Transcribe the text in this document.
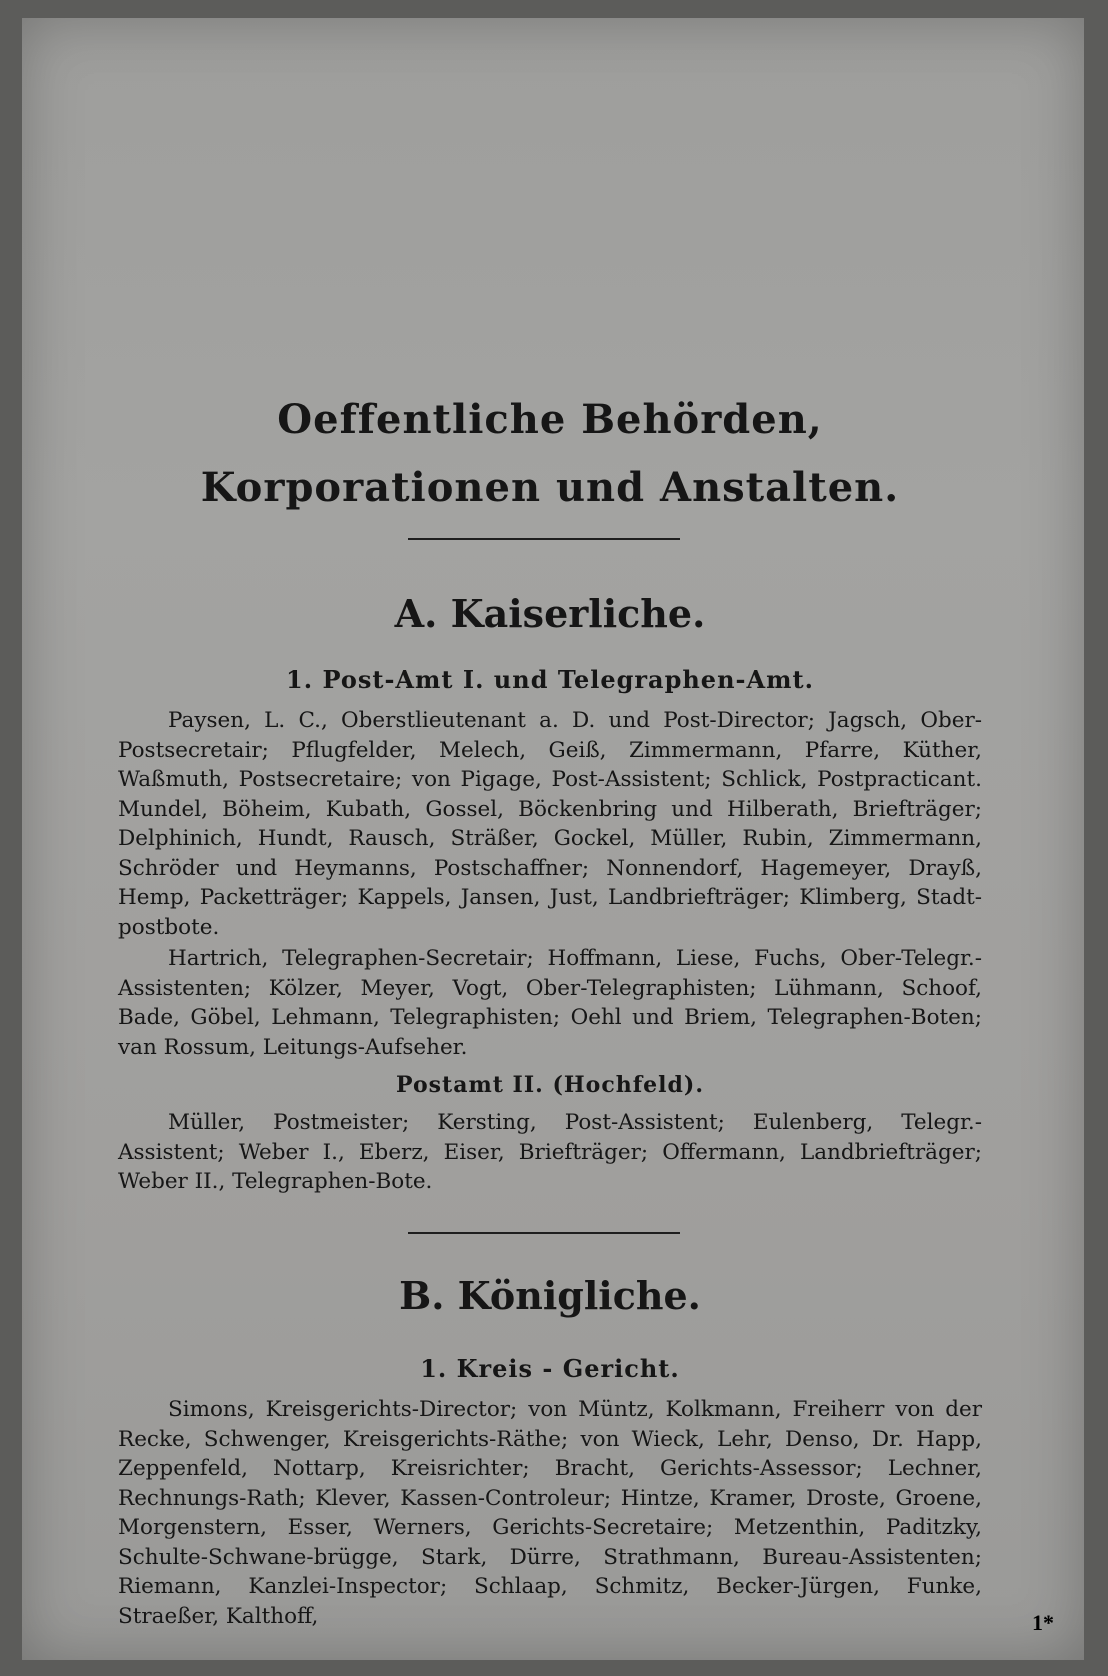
Oeffentliche Behörden, Korporationen und Anstalten.
A. Kaiserliche.
1. Post-Amt I. und Telegraphen-Amt.

Paysen, L. C., Oberstlieutenant a. D. und Post-Director; Jagsch, Ober-Postsecretair; Pflugfelder, Melech, Geiß, Zimmermann, Pfarre, Küther, Waßmuth, Postsecretaire; von Pigage, Post-Assistent; Schlick, Postpracticant. Mundel, Böheim, Kubath, Gossel, Böckenbring und Hilberath, Briefträger; Delphinich, Hundt, Rausch, Sträßer, Gockel, Müller, Rubin, Zimmermann, Schröder und Heymanns, Postschaffner; Nonnendorf, Hagemeyer, Drayß, Hemp, Packetträger; Kappels, Jansen, Just, Landbriefträger; Klimberg, Stadt-postbote.

Hartrich, Telegraphen-Secretair; Hoffmann, Liese, Fuchs, Ober-Telegr.-Assistenten; Kölzer, Meyer, Vogt, Ober-Telegraphisten; Lühmann, Schoof, Bade, Göbel, Lehmann, Telegraphisten; Oehl und Briem, Telegraphen-Boten; van Rossum, Leitungs-Aufseher.

Postamt II. (Hochfeld).

Müller, Postmeister; Kersting, Post-Assistent; Eulenberg, Telegr.-Assistent; Weber I., Eberz, Eiser, Briefträger; Offermann, Landbriefträger; Weber II., Telegraphen-Bote.

B. Königliche.
1. Kreis - Gericht.

Simons, Kreisgerichts-Director; von Müntz, Kolkmann, Freiherr von der Recke, Schwenger, Kreisgerichts-Räthe; von Wieck, Lehr, Denso, Dr. Happ, Zeppenfeld, Nottarp, Kreisrichter; Bracht, Gerichts-Assessor; Lechner, Rechnungs-Rath; Klever, Kassen-Controleur; Hintze, Kramer, Droste, Groene, Morgenstern, Esser, Werners, Gerichts-Secretaire; Metzenthin, Paditzky, Schulte-Schwane-brügge, Stark, Dürre, Strathmann, Bureau-Assistenten; Riemann, Kanzlei-Inspector; Schlaap, Schmitz, Becker-Jürgen, Funke, Straeßer, Kalthoff,	1*
